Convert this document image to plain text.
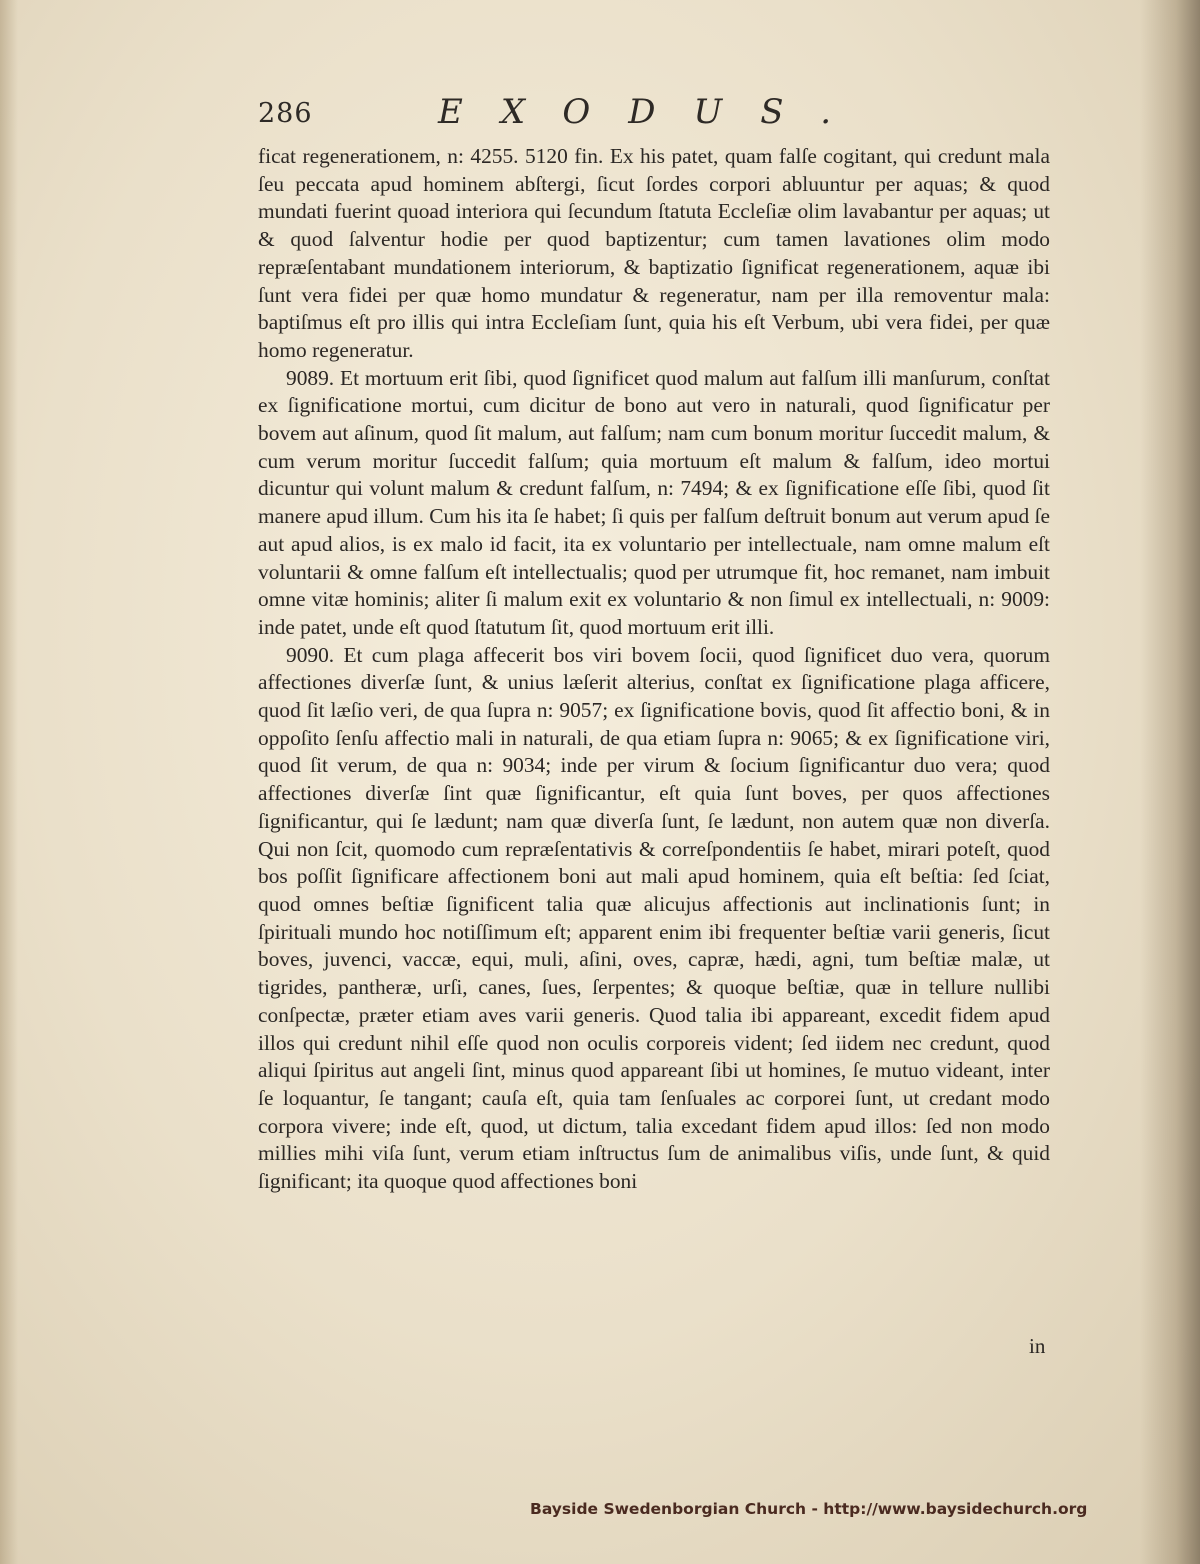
286	EXODUS.

ficat regenerationem, n: 4255. 5120 fin. Ex his patet, quam falſe cogitant, qui credunt mala ſeu peccata apud hominem abſtergi, ſicut ſordes corpori abluuntur per aquas; & quod mundati fuerint quoad interiora qui ſecundum ſtatuta Eccleſiæ olim lavabantur per aquas; ut & quod ſalventur hodie per quod baptizentur; cum tamen lavationes olim modo repræſentabant mundationem interiorum, & baptizatio ſignificat regenerationem, aquæ ibi ſunt vera fidei per quæ homo mundatur & regeneratur, nam per illa removentur mala: baptiſmus eſt pro illis qui intra Eccleſiam ſunt, quia his eſt Verbum, ubi vera fidei, per quæ homo regeneratur.

9089. Et mortuum erit ſibi, quod ſignificet quod malum aut falſum illi manſurum, conſtat ex ſignificatione mortui, cum dicitur de bono aut vero in naturali, quod ſignificatur per bovem aut aſinum, quod ſit malum, aut falſum; nam cum bonum moritur ſuccedit malum, & cum verum moritur ſuccedit falſum; quia mortuum eſt malum & falſum, ideo mortui dicuntur qui volunt malum & credunt falſum, n: 7494; & ex ſignificatione eſſe ſibi, quod ſit manere apud illum. Cum his ita ſe habet; ſi quis per falſum deſtruit bonum aut verum apud ſe aut apud alios, is ex malo id facit, ita ex voluntario per intellectuale, nam omne malum eſt voluntarii & omne falſum eſt intellectualis; quod per utrumque fit, hoc remanet, nam imbuit omne vitæ hominis; aliter ſi malum exit ex voluntario & non ſimul ex intellectuali, n: 9009: inde patet, unde eſt quod ſtatutum ſit, quod mortuum erit illi.

9090. Et cum plaga affecerit bos viri bovem ſocii, quod ſignificet duo vera, quorum affectiones diverſæ ſunt, & unius læſerit alterius, conſtat ex ſignificatione plaga afficere, quod ſit læſio veri, de qua ſupra n: 9057; ex ſignificatione bovis, quod ſit affectio boni, & in oppoſito ſenſu affectio mali in naturali, de qua etiam ſupra n: 9065; & ex ſignificatione viri, quod ſit verum, de qua n: 9034; inde per virum & ſocium ſignificantur duo vera; quod affectiones diverſæ ſint quæ ſignificantur, eſt quia ſunt boves, per quos affectiones ſignificantur, qui ſe lædunt; nam quæ diverſa ſunt, ſe lædunt, non autem quæ non diverſa. Qui non ſcit, quomodo cum repræſentativis & correſpondentiis ſe habet, mirari poteſt, quod bos poſſit ſignificare affectionem boni aut mali apud hominem, quia eſt beſtia: ſed ſciat, quod omnes beſtiæ ſignificent talia quæ alicujus affectionis aut inclinationis ſunt; in ſpirituali mundo hoc notiſſimum eſt; apparent enim ibi frequenter beſtiæ varii generis, ſicut boves, juvenci, vaccæ, equi, muli, aſini, oves, capræ, hædi, agni, tum beſtiæ malæ, ut tigrides, pantheræ, urſi, canes, ſues, ſerpentes; & quoque beſtiæ, quæ in tellure nullibi conſpectæ, præter etiam aves varii generis. Quod talia ibi appareant, excedit fidem apud illos qui credunt nihil eſſe quod non oculis corporeis vident; ſed iidem nec credunt, quod aliqui ſpiritus aut angeli ſint, minus quod appareant ſibi ut homines, ſe mutuo videant, inter ſe loquantur, ſe tangant; cauſa eſt, quia tam ſenſuales ac corporei ſunt, ut credant modo corpora vivere; inde eſt, quod, ut dictum, talia excedant fidem apud illos: ſed non modo millies mihi viſa ſunt, verum etiam inſtructus ſum de animalibus viſis, unde ſunt, & quid ſignificant; ita quoque quod affectiones boni

in
Bayside Swedenborgian Church - http://www.baysidechurch.org
